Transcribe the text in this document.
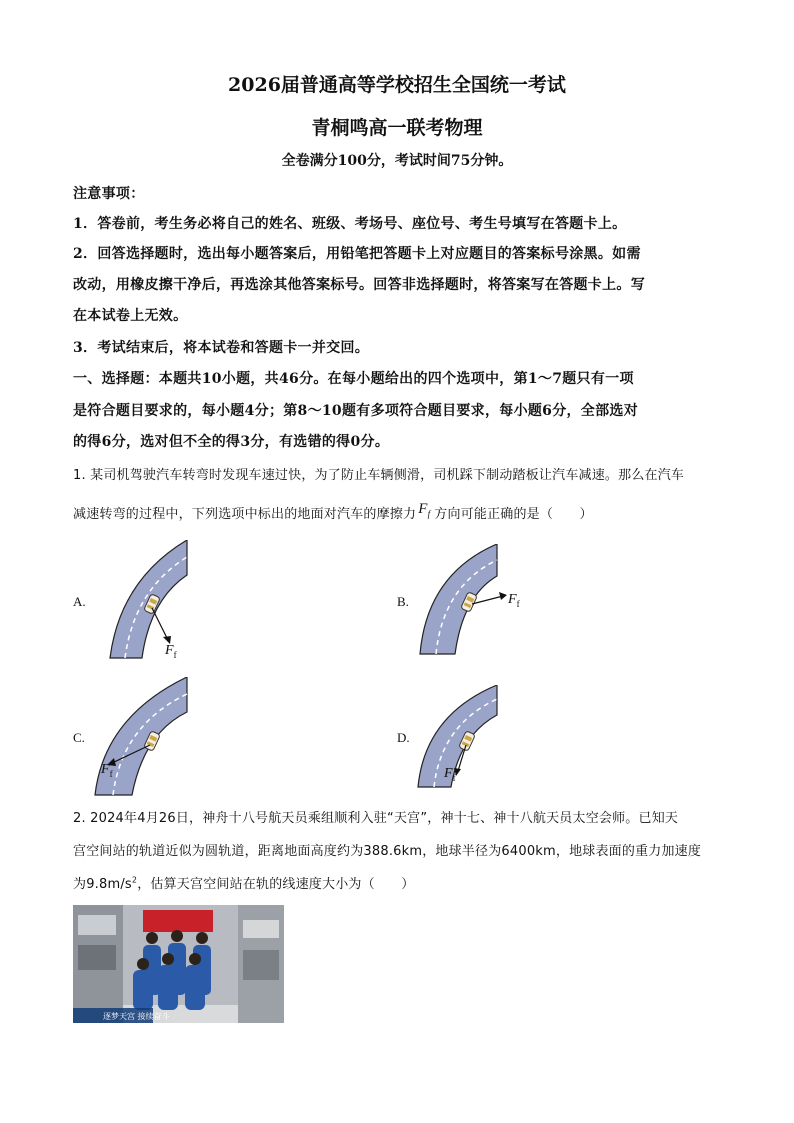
2026届普通高等学校招生全国统一考试
青桐鸣高一联考物理
全卷满分100分，考试时间75分钟。
注意事项：
1．答卷前，考生务必将自己的姓名、班级、考场号、座位号、考生号填写在答题卡上。
2．回答选择题时，选出每小题答案后，用铅笔把答题卡上对应题目的答案标号涂黑。如需
改动，用橡皮擦干净后，再选涂其他答案标号。回答非选择题时，将答案写在答题卡上。写
在本试卷上无效。
3．考试结束后，将本试卷和答题卡一并交回。
一、选择题：本题共10小题，共46分。在每小题给出的四个选项中，第1～7题只有一项
是符合题目要求的，每小题4分；第8～10题有多项符合题目要求，每小题6分，全部选对
的得6分，选对但不全的得3分，有选错的得0分。
1. 某司机驾驶汽车转弯时发现车速过快，为了防止车辆侧滑，司机踩下制动踏板让汽车减速。那么在汽车
减速转弯的过程中，下列选项中标出的地面对汽车的摩擦力 $F_f$ 方向可能正确的是（　　）
A.
$F_f$
B.	$F_f$
C.
$F_f$
D.
$F_f$
2. 2024年4月26日，神舟十八号航天员乘组顺利入驻“天宫”，神十七、神十八航天员太空会师。已知天
宫空间站的轨道近似为圆轨道，距离地面高度约为388.6km，地球半径为6400km，地球表面的重力加速度
为$9.8m/s^2$，估算天宫空间站在轨的线速度大小为（　　）
逐梦天宫 接续奋斗
